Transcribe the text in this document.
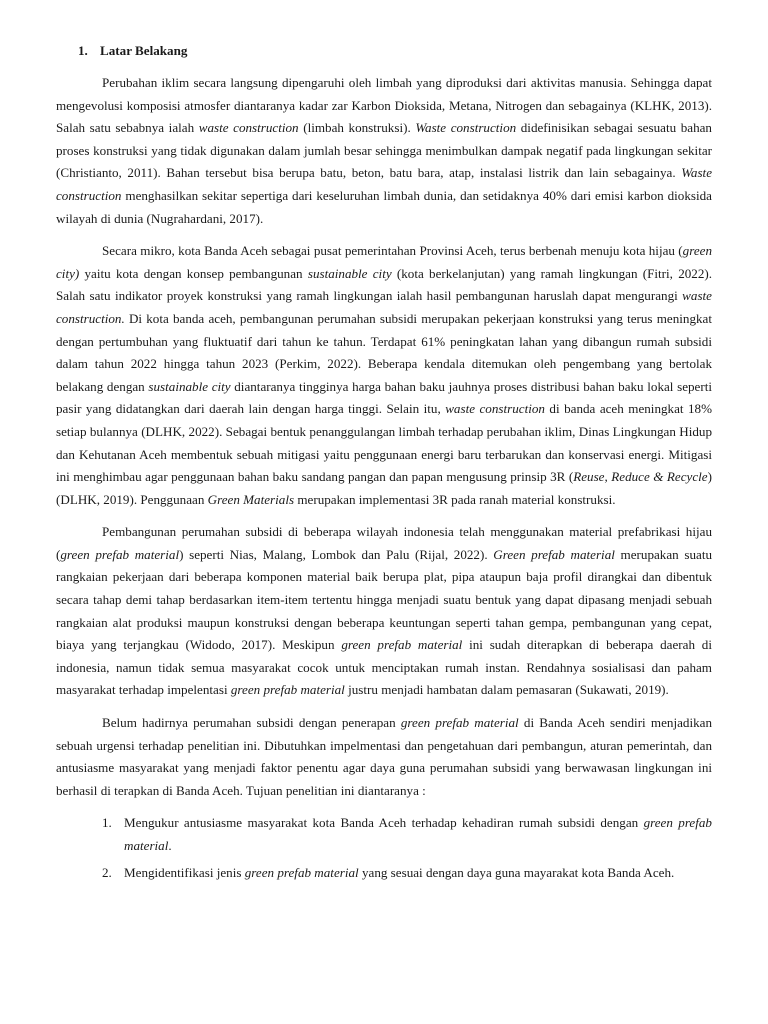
1. Latar Belakang

Perubahan iklim secara langsung dipengaruhi oleh limbah yang diproduksi dari aktivitas manusia. Sehingga dapat mengevolusi komposisi atmosfer diantaranya kadar zar Karbon Dioksida, Metana, Nitrogen dan sebagainya (KLHK, 2013). Salah satu sebabnya ialah waste construction (limbah konstruksi). Waste construction didefinisikan sebagai sesuatu bahan proses konstruksi yang tidak digunakan dalam jumlah besar sehingga menimbulkan dampak negatif pada lingkungan sekitar (Christianto, 2011). Bahan tersebut bisa berupa batu, beton, batu bara, atap, instalasi listrik dan lain sebagainya. Waste construction menghasilkan sekitar sepertiga dari keseluruhan limbah dunia, dan setidaknya 40% dari emisi karbon dioksida wilayah di dunia (Nugrahardani, 2017).

Secara mikro, kota Banda Aceh sebagai pusat pemerintahan Provinsi Aceh, terus berbenah menuju kota hijau (green city) yaitu kota dengan konsep pembangunan sustainable city (kota berkelanjutan) yang ramah lingkungan (Fitri, 2022). Salah satu indikator proyek konstruksi yang ramah lingkungan ialah hasil pembangunan haruslah dapat mengurangi waste construction. Di kota banda aceh, pembangunan perumahan subsidi merupakan pekerjaan konstruksi yang terus meningkat dengan pertumbuhan yang fluktuatif dari tahun ke tahun. Terdapat 61% peningkatan lahan yang dibangun rumah subsidi dalam tahun 2022 hingga tahun 2023 (Perkim, 2022). Beberapa kendala ditemukan oleh pengembang yang bertolak belakang dengan sustainable city diantaranya tingginya harga bahan baku jauhnya proses distribusi bahan baku lokal seperti pasir yang didatangkan dari daerah lain dengan harga tinggi. Selain itu, waste construction di banda aceh meningkat 18% setiap bulannya (DLHK, 2022). Sebagai bentuk penanggulangan limbah terhadap perubahan iklim, Dinas Lingkungan Hidup dan Kehutanan Aceh membentuk sebuah mitigasi yaitu penggunaan energi baru terbarukan dan konservasi energi. Mitigasi ini menghimbau agar penggunaan bahan baku sandang pangan dan papan mengusung prinsip 3R (Reuse, Reduce & Recycle) (DLHK, 2019). Penggunaan Green Materials merupakan implementasi 3R pada ranah material konstruksi.

Pembangunan perumahan subsidi di beberapa wilayah indonesia telah menggunakan material prefabrikasi hijau (green prefab material) seperti Nias, Malang, Lombok dan Palu (Rijal, 2022). Green prefab material merupakan suatu rangkaian pekerjaan dari beberapa komponen material baik berupa plat, pipa ataupun baja profil dirangkai dan dibentuk secara tahap demi tahap berdasarkan item-item tertentu hingga menjadi suatu bentuk yang dapat dipasang menjadi sebuah rangkaian alat produksi maupun konstruksi dengan beberapa keuntungan seperti tahan gempa, pembangunan yang cepat, biaya yang terjangkau (Widodo, 2017). Meskipun green prefab material ini sudah diterapkan di beberapa daerah di indonesia, namun tidak semua masyarakat cocok untuk menciptakan rumah instan. Rendahnya sosialisasi dan paham masyarakat terhadap impelentasi green prefab material justru menjadi hambatan dalam pemasaran (Sukawati, 2019).

Belum hadirnya perumahan subsidi dengan penerapan green prefab material di Banda Aceh sendiri menjadikan sebuah urgensi terhadap penelitian ini. Dibutuhkan impelmentasi dan pengetahuan dari pembangun, aturan pemerintah, dan antusiasme masyarakat yang menjadi faktor penentu agar daya guna perumahan subsidi yang berwawasan lingkungan ini berhasil di terapkan di Banda Aceh. Tujuan penelitian ini diantaranya :

1. Mengukur antusiasme masyarakat kota Banda Aceh terhadap kehadiran rumah subsidi dengan green prefab material.
2. Mengidentifikasi jenis green prefab material yang sesuai dengan daya guna mayarakat kota Banda Aceh.
